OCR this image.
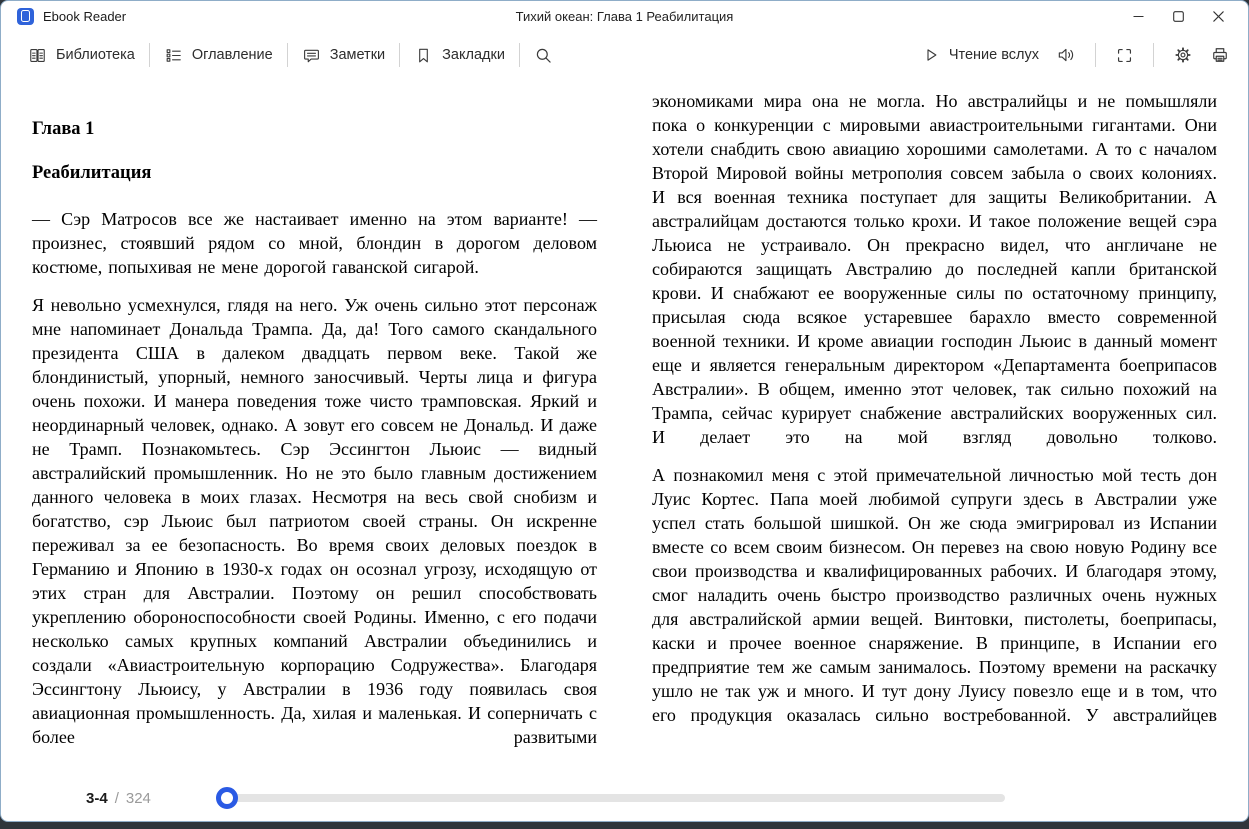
Ebook Reader	Тихий океан: Глава 1 Реабилитация
Библиотека	Оглавление	Заметки	Закладки	Чтение вслух
Глава 1
Реабилитация

— Сэр Матросов все же настаивает именно на этом варианте! — произнес, стоявший рядом со мной, блондин в дорогом деловом костюме, попыхивая не мене дорогой гаванской сигарой.

Я невольно усмехнулся, глядя на него. Уж очень сильно этот персонаж мне напоминает Дональда Трампа. Да, да! Того самого скандального президента США в далеком двадцать первом веке. Такой же блондинистый, упорный, немного заносчивый. Черты лица и фигура очень похожи. И манера поведения тоже чисто трамповская. Яркий и неординарный человек, однако. А зовут его совсем не Дональд. И даже не Трамп. Познакомьтесь. Сэр Эссингтон Льюис — видный австралийский промышленник. Но не это было главным достижением данного человека в моих глазах. Несмотря на весь свой снобизм и богатство, сэр Льюис был патриотом своей страны. Он искренне переживал за ее безопасность. Во время своих деловых поездок в Германию и Японию в 1930-х годах он осознал угрозу, исходящую от этих стран для Австралии. Поэтому он решил способствовать укреплению обороноспособности своей Родины. Именно, с его подачи несколько самых крупных компаний Австралии объединились и создали «Авиастроительную корпорацию Содружества». Благодаря Эссингтону Льюису, у Австралии в 1936 году появилась своя авиационная промышленность. Да, хилая и маленькая. И соперничать с более развитыми

экономиками мира она не могла. Но австралийцы и не помышляли пока о конкуренции с мировыми авиастроительными гигантами. Они хотели снабдить свою авиацию хорошими самолетами. А то с началом Второй Мировой войны метрополия совсем забыла о своих колониях. И вся военная техника поступает для защиты Великобритании. А австралийцам достаются только крохи. И такое положение вещей сэра Льюиса не устраивало. Он прекрасно видел, что англичане не собираются защищать Австралию до последней капли британской крови. И снабжают ее вооруженные силы по остаточному принципу, присылая сюда всякое устаревшее барахло вместо современной военной техники. И кроме авиации господин Льюис в данный момент еще и является генеральным директором «Департамента боеприпасов Австралии». В общем, именно этот человек, так сильно похожий на Трампа, сейчас курирует снабжение австралийских вооруженных сил. И делает это на мой взгляд довольно толково.

А познакомил меня с этой примечательной личностью мой тесть дон Луис Кортес. Папа моей любимой супруги здесь в Австралии уже успел стать большой шишкой. Он же сюда эмигрировал из Испании вместе со всем своим бизнесом. Он перевез на свою новую Родину все свои производства и квалифицированных рабочих. И благодаря этому, смог наладить очень быстро производство различных очень нужных для австралийской армии вещей. Винтовки, пистолеты, боеприпасы, каски и прочее военное снаряжение. В принципе, в Испании его предприятие тем же самым занималось. Поэтому времени на раскачку ушло не так уж и много. И тут дону Луису повезло еще и в том, что его продукция оказалась сильно востребованной. У австралийцев

3-4 / 324
